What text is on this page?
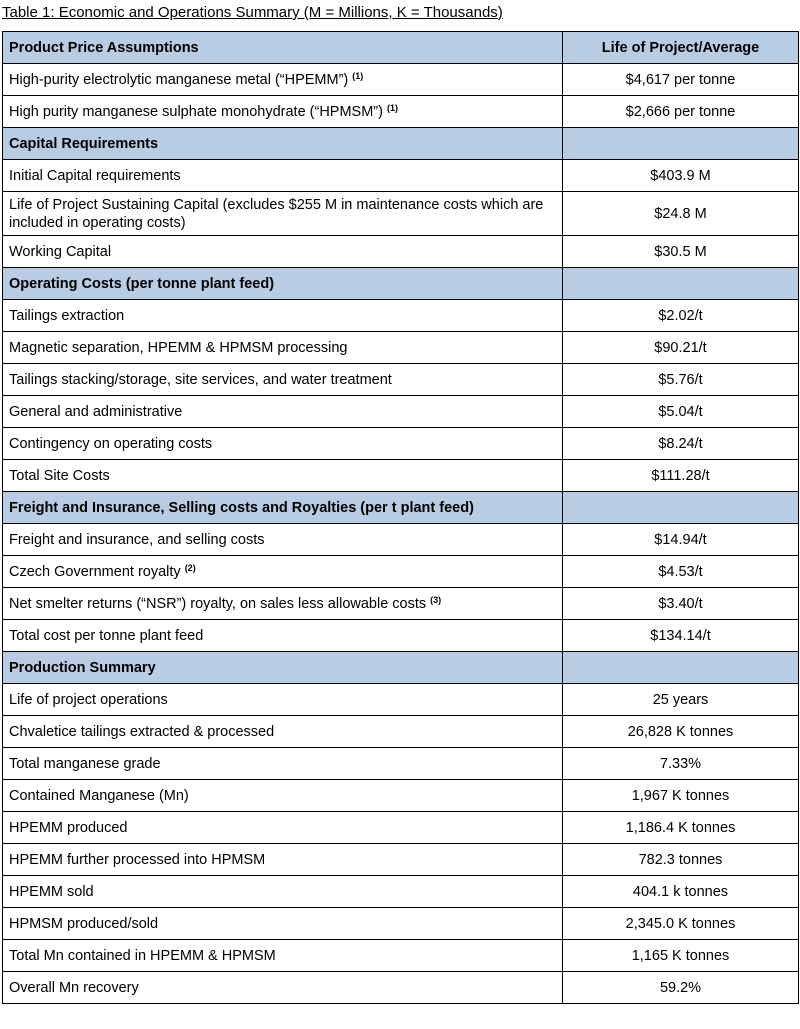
Table 1: Economic and Operations Summary (M = Millions, K = Thousands)
Product Price Assumptions	Life of Project/Average
High-purity electrolytic manganese metal (“HPEMM”) $^{(1)}$	$4,617 per tonne
High purity manganese sulphate monohydrate (“HPMSM”) $^{(1)}$	$2,666 per tonne
Capital Requirements	
Initial Capital requirements	$403.9 M
Life of Project Sustaining Capital (excludes $255 M in maintenance costs which are included in operating costs)	$24.8 M
Working Capital	$30.5 M
Operating Costs (per tonne plant feed)	
Tailings extraction	$2.02/t
Magnetic separation, HPEMM & HPMSM processing	$90.21/t
Tailings stacking/storage, site services, and water treatment	$5.76/t
General and administrative	$5.04/t
Contingency on operating costs	$8.24/t
Total Site Costs	$111.28/t
Freight and Insurance, Selling costs and Royalties (per t plant feed)	
Freight and insurance, and selling costs	$14.94/t
Czech Government royalty $^{(2)}$	$4.53/t
Net smelter returns (“NSR”) royalty, on sales less allowable costs $^{(3)}$	$3.40/t
Total cost per tonne plant feed	$134.14/t
Production Summary	
Life of project operations	25 years
Chvaletice tailings extracted & processed	26,828 K tonnes
Total manganese grade	7.33%
Contained Manganese (Mn)	1,967 K tonnes
HPEMM produced	1,186.4 K tonnes
HPEMM further processed into HPMSM	782.3 tonnes
HPEMM sold	404.1 k tonnes
HPMSM produced/sold	2,345.0 K tonnes
Total Mn contained in HPEMM & HPMSM	1,165 K tonnes
Overall Mn recovery	59.2%
